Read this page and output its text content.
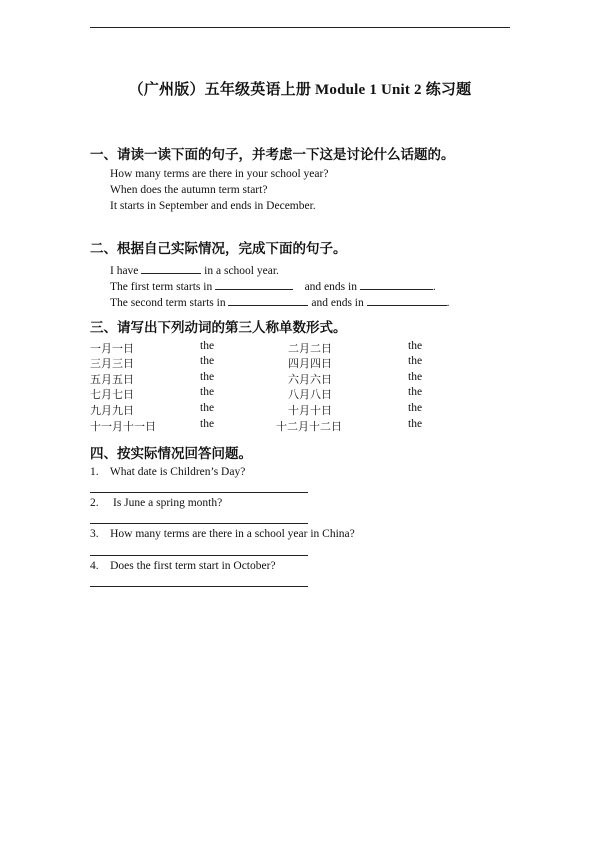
（广州版）五年级英语上册 Module 1 Unit 2 练习题
一、请读一读下面的句子，并考虑一下这是讨论什么话题的。
How many terms are there in your school year?
When does the autumn term start?
It starts in September and ends in December.
二、根据自己实际情况，完成下面的句子。
I have	in a school year.
The first term starts in	and ends in	.
The second term starts in	and ends in	.
三、请写出下列动词的第三人称单数形式。
一月一日	the	二月二日	the
三月三日	the	四月四日	the
五月五日	the	六月六日	the
七月七日	the	八月八日	the
九月九日	the	十月十日	the
十一月十一日	the	十二月十二日	the
四、按实际情况回答问题。
1.    What date is Children’s Day?
2.     Is June a spring month?
3.    How many terms are there in a school year in China?
4.    Does the first term start in October?
